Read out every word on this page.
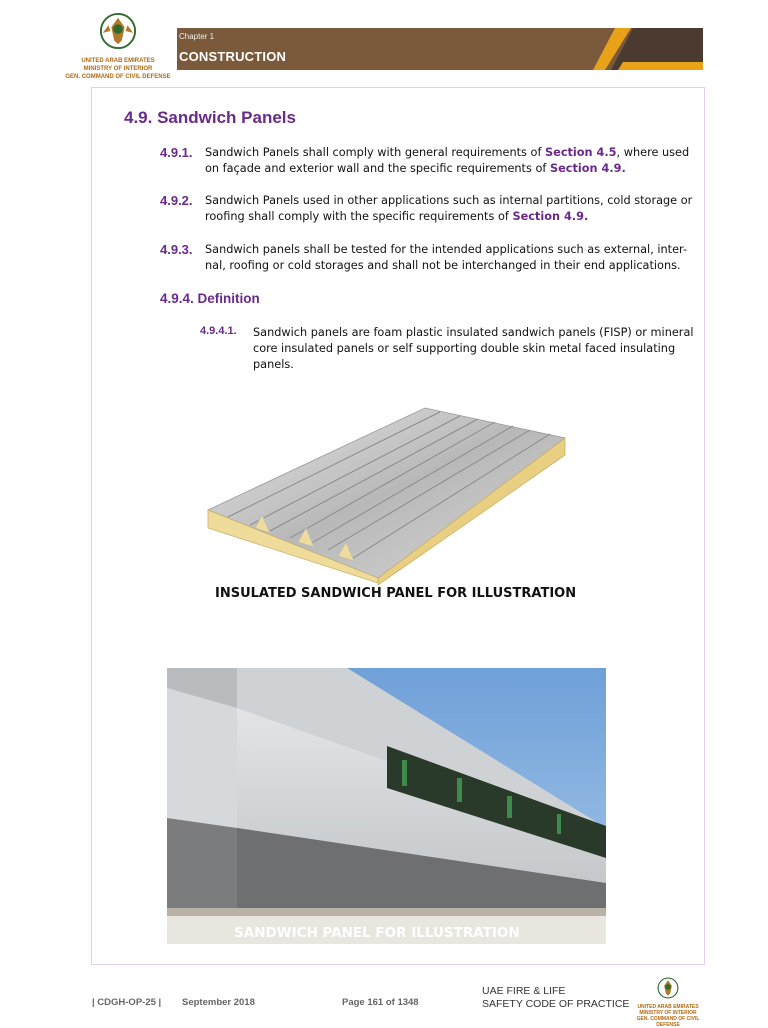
UNITED ARAB EMIRATES
MINISTRY OF INTERIOR
GEN. COMMAND OF CIVIL DEFENSE
Chapter 1
CONSTRUCTION
4.9. Sandwich Panels
4.9.1. Sandwich Panels shall comply with general requirements of Section 4.5, where used on façade and exterior wall and the specific requirements of Section 4.9.
4.9.2. Sandwich Panels used in other applications such as internal partitions, cold storage or roofing shall comply with the specific requirements of Section 4.9.
4.9.3. Sandwich panels shall be tested for the intended applications such as external, inter-nal, roofing or cold storages and shall not be interchanged in their end applications.
4.9.4. Definition
4.9.4.1. Sandwich panels are foam plastic insulated sandwich panels (FISP) or mineral core insulated panels or self supporting double skin metal faced insulating panels.
INSULATED SANDWICH PANEL FOR ILLUSTRATION
SANDWICH PANEL FOR ILLUSTRATION
| CDGH-OP-25 | September 2018	Page 161 of 1348
UAE FIRE & LIFE
SAFETY CODE OF PRACTICE	UNITED ARAB EMIRATES
MINISTRY OF INTERIOR
GEN. COMMAND OF CIVIL DEFENSE
